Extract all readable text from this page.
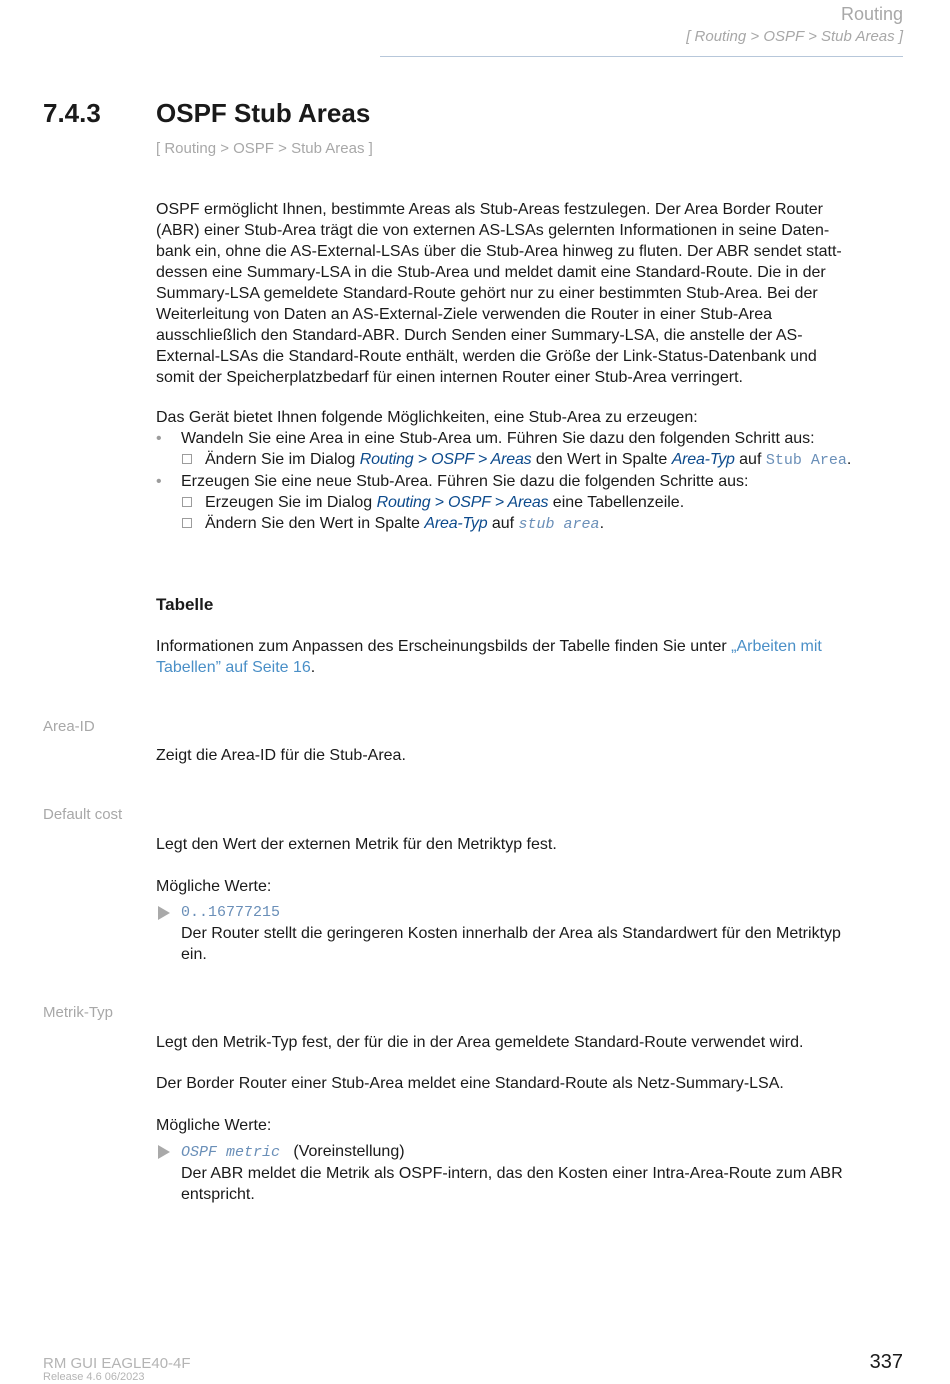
Routing
[ Routing > OSPF > Stub Areas ]
7.4.3 OSPF Stub Areas
[ Routing > OSPF > Stub Areas ]
OSPF ermöglicht Ihnen, bestimmte Areas als Stub-Areas festzulegen. Der Area Border Router
(ABR) einer Stub-Area trägt die von externen AS-LSAs gelernten Informationen in seine Daten-
bank ein, ohne die AS-External-LSAs über die Stub-Area hinweg zu fluten. Der ABR sendet statt-
dessen eine Summary-LSA in die Stub-Area und meldet damit eine Standard-Route. Die in der
Summary-LSA gemeldete Standard-Route gehört nur zu einer bestimmten Stub-Area. Bei der
Weiterleitung von Daten an AS-External-Ziele verwenden die Router in einer Stub-Area
ausschließlich den Standard-ABR. Durch Senden einer Summary-LSA, die anstelle der AS-
External-LSAs die Standard-Route enthält, werden die Größe der Link-Status-Datenbank und
somit der Speicherplatzbedarf für einen internen Router einer Stub-Area verringert.
Das Gerät bietet Ihnen folgende Möglichkeiten, eine Stub-Area zu erzeugen:
• Wandeln Sie eine Area in eine Stub-Area um. Führen Sie dazu den folgenden Schritt aus:
Ändern Sie im Dialog Routing > OSPF > Areas den Wert in Spalte Area-Typ auf Stub Area.
• Erzeugen Sie eine neue Stub-Area. Führen Sie dazu die folgenden Schritte aus:
Erzeugen Sie im Dialog Routing > OSPF > Areas eine Tabellenzeile.
Ändern Sie den Wert in Spalte Area-Typ auf stub area.
Tabelle
Informationen zum Anpassen des Erscheinungsbilds der Tabelle finden Sie unter „Arbeiten mit
Tabellen” auf Seite 16.
Area-ID
Zeigt die Area-ID für die Stub-Area.
Default cost
Legt den Wert der externen Metrik für den Metriktyp fest.
Mögliche Werte:
0..16777215
Der Router stellt die geringeren Kosten innerhalb der Area als Standardwert für den Metriktyp
ein.
Metrik-Typ
Legt den Metrik-Typ fest, der für die in der Area gemeldete Standard-Route verwendet wird.
Der Border Router einer Stub-Area meldet eine Standard-Route als Netz-Summary-LSA.
Mögliche Werte:
OSPF metric (Voreinstellung)
Der ABR meldet die Metrik als OSPF-intern, das den Kosten einer Intra-Area-Route zum ABR
entspricht.
RM GUI EAGLE40-4F
Release 4.6 06/2023
337
